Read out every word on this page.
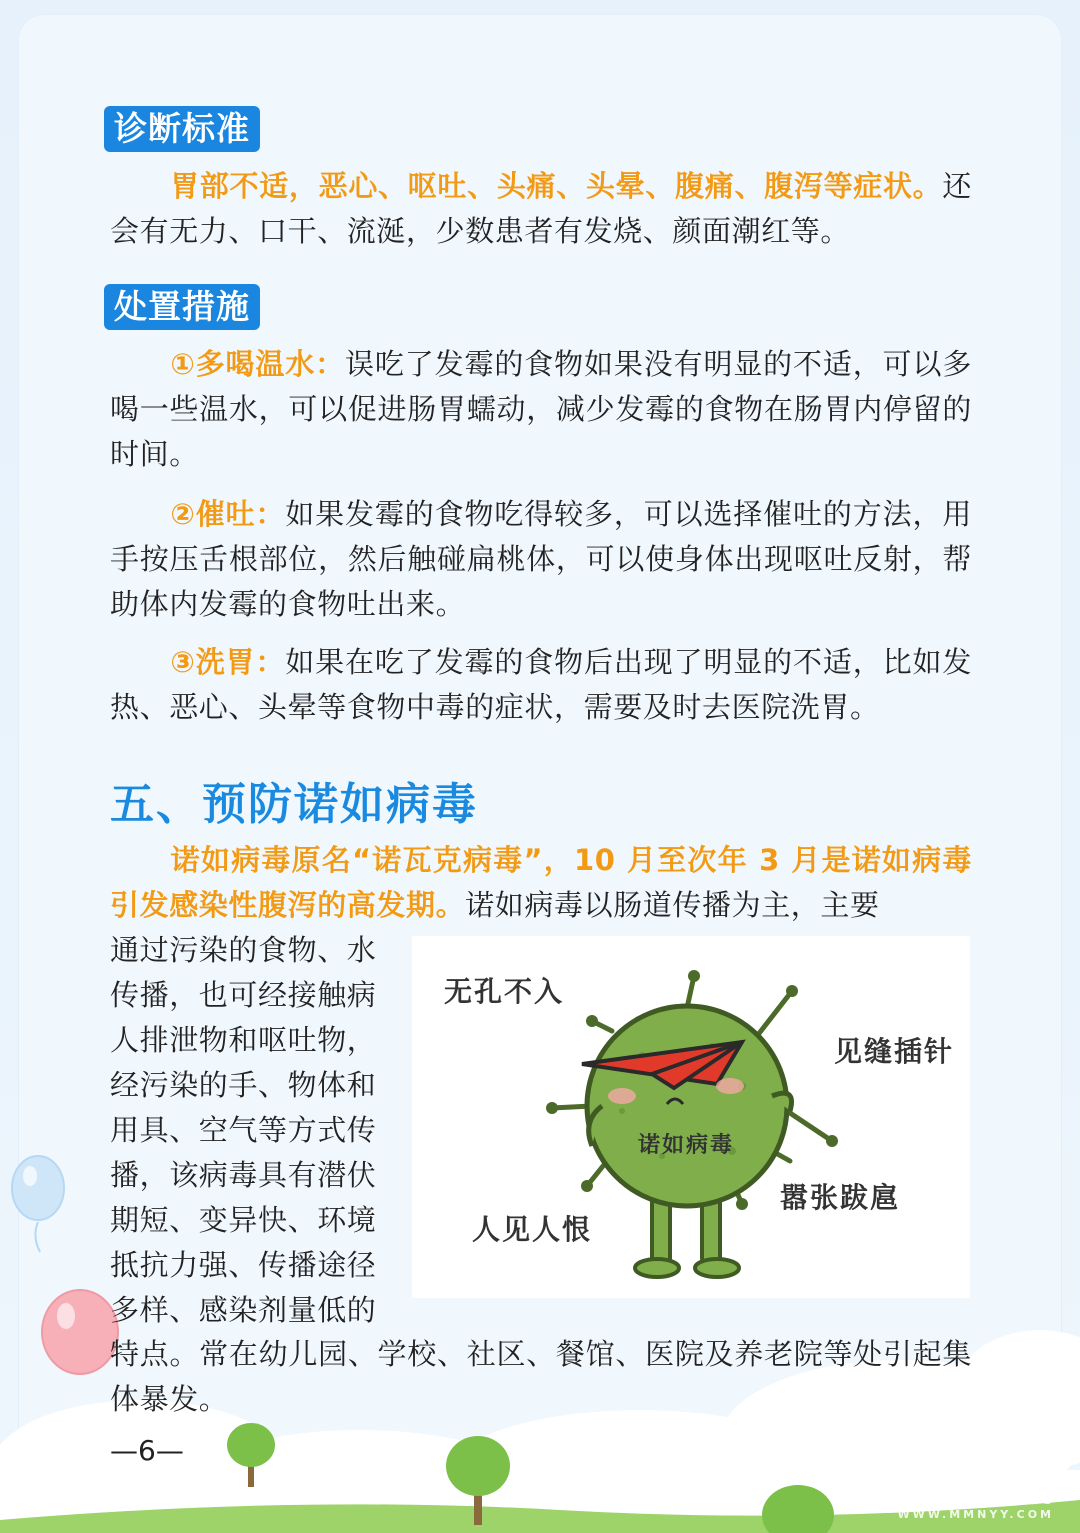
诊断标准

胃部不适，恶心、呕吐、头痛、头晕、腹痛、腹泻等症状。还会有无力、口干、流涎，少数患者有发烧、颜面潮红等。

处置措施

①多喝温水：误吃了发霉的食物如果没有明显的不适，可以多喝一些温水，可以促进肠胃蠕动，减少发霉的食物在肠胃内停留的时间。

②催吐：如果发霉的食物吃得较多，可以选择催吐的方法，用手按压舌根部位，然后触碰扁桃体，可以使身体出现呕吐反射，帮助体内发霉的食物吐出来。

③洗胃：如果在吃了发霉的食物后出现了明显的不适，比如发热、恶心、头晕等食物中毒的症状，需要及时去医院洗胃。

五、预防诺如病毒

诺如病毒原名“诺瓦克病毒”，10 月至次年 3 月是诺如病毒引发感染性腹泻的高发期。诺如病毒以肠道传播为主，主要

通过污染的食物、水
传播，也可经接触病
人排泄物和呕吐物，
经污染的手、物体和
用具、空气等方式传
播，该病毒具有潜伏
期短、变异快、环境
抵抗力强、传播途径
多样、感染剂量低的

特点。常在幼儿园、学校、社区、餐馆、医院及养老院等处引起集体暴发。

无孔不入
见缝插针
诺如病毒
嚣张跋扈
人见人恨
—6—
济南区人民医院
WWW.MMNYY.COM
